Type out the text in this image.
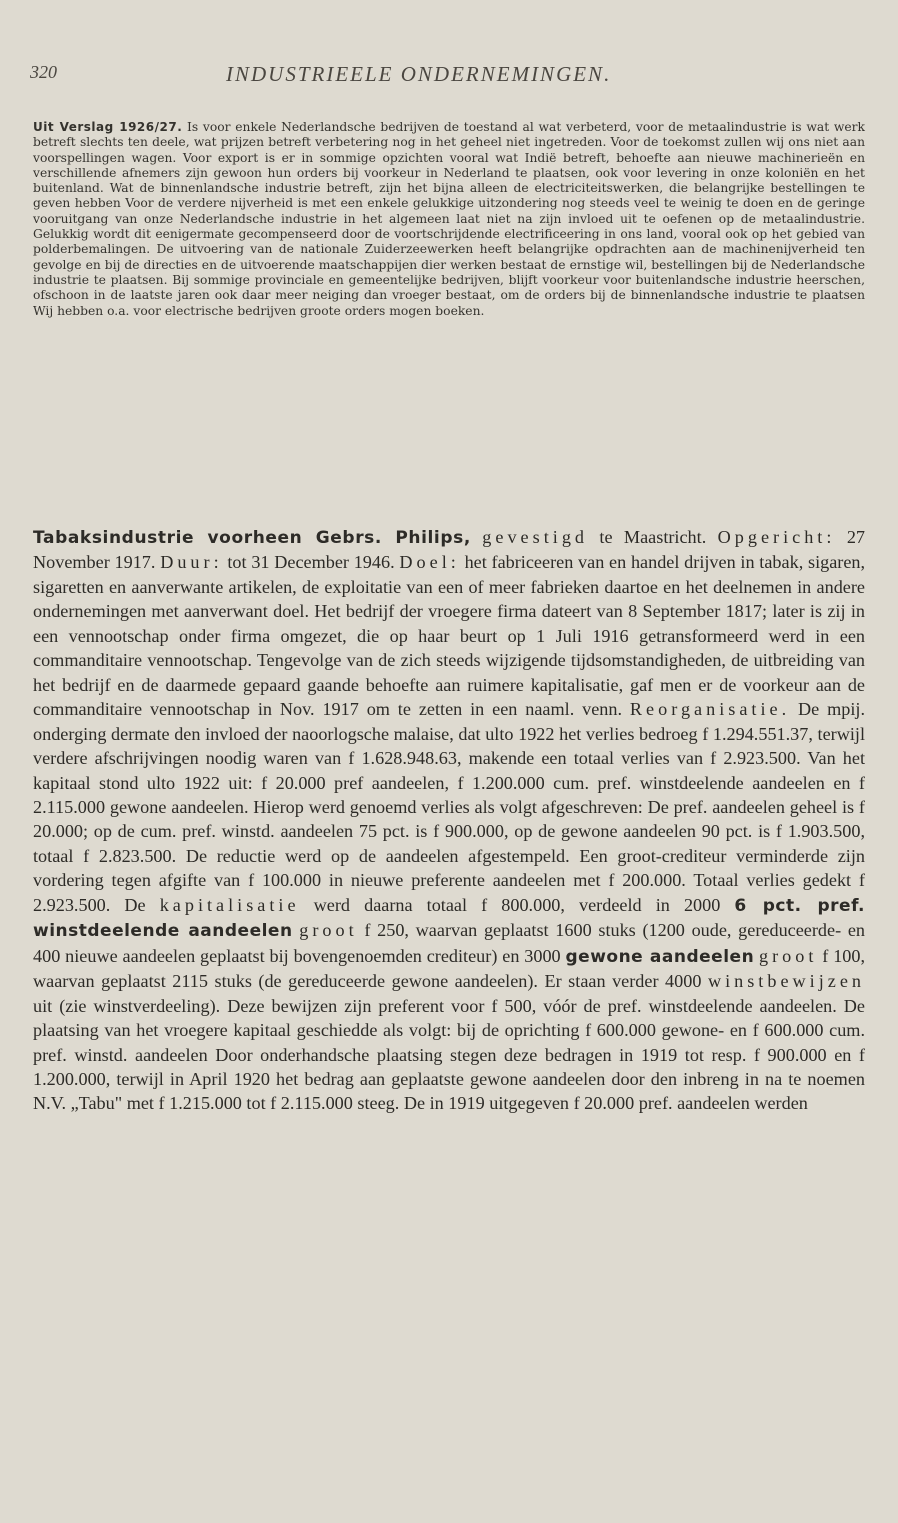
320	INDUSTRIEELE ONDERNEMINGEN.

Uit Verslag 1926/27. Is voor enkele Nederlandsche bedrijven de toestand al wat verbeterd, voor de metaalindustrie is wat werk betreft slechts ten deele, wat prijzen betreft verbetering nog in het geheel niet ingetreden. Voor de toekomst zullen wij ons niet aan voorspellingen wagen. Voor export is er in sommige opzichten vooral wat Indië betreft, behoefte aan nieuwe machinerieën en verschillende afnemers zijn gewoon hun orders bij voorkeur in Nederland te plaatsen, ook voor levering in onze koloniën en het buitenland. Wat de binnenlandsche industrie betreft, zijn het bijna alleen de electriciteitswerken, die belangrijke bestellingen te geven hebben Voor de verdere nijverheid is met een enkele gelukkige uitzondering nog steeds veel te weinig te doen en de geringe vooruitgang van onze Nederlandsche industrie in het algemeen laat niet na zijn invloed uit te oefenen op de metaalindustrie. Gelukkig wordt dit eenigermate gecompenseerd door de voortschrijdende electrificeering in ons land, vooral ook op het gebied van polderbemalingen. De uitvoering van de nationale Zuiderzeewerken heeft belangrijke opdrachten aan de machinenijverheid ten gevolge en bij de directies en de uitvoerende maatschappijen dier werken bestaat de ernstige wil, bestellingen bij de Nederlandsche industrie te plaatsen. Bij sommige provinciale en gemeentelijke bedrijven, blijft voorkeur voor buitenlandsche industrie heerschen, ofschoon in de laatste jaren ook daar meer neiging dan vroeger bestaat, om de orders bij de binnenlandsche industrie te plaatsen Wij hebben o.a. voor electrische bedrijven groote orders mogen boeken.

Tabaksindustrie voorheen Gebrs. Philips, gevestigd te Maastricht. Opgericht: 27 November 1917. Duur: tot 31 December 1946. Doel: het fabriceeren van en handel drijven in tabak, sigaren, sigaretten en aanverwante artikelen, de exploitatie van een of meer fabrieken daartoe en het deelnemen in andere ondernemingen met aanverwant doel. Het bedrijf der vroegere firma dateert van 8 September 1817; later is zij in een vennootschap onder firma omgezet, die op haar beurt op 1 Juli 1916 getransformeerd werd in een commanditaire vennootschap. Tengevolge van de zich steeds wijzigende tijdsomstandigheden, de uitbreiding van het bedrijf en de daarmede gepaard gaande behoefte aan ruimere kapitalisatie, gaf men er de voorkeur aan de commanditaire vennootschap in Nov. 1917 om te zetten in een naaml. venn. Reorganisatie. De mpij. onderging dermate den invloed der naoorlogsche malaise, dat ulto 1922 het verlies bedroeg f 1.294.551.37, terwijl verdere afschrijvingen noodig waren van f 1.628.948.63, makende een totaal verlies van f 2.923.500. Van het kapitaal stond ulto 1922 uit: f 20.000 pref aandeelen, f 1.200.000 cum. pref. winstdeelende aandeelen en f 2.115.000 gewone aandeelen. Hierop werd genoemd verlies als volgt afgeschreven: De pref. aandeelen geheel is f 20.000; op de cum. pref. winstd. aandeelen 75 pct. is f 900.000, op de gewone aandeelen 90 pct. is f 1.903.500, totaal f 2.823.500. De reductie werd op de aandeelen afgestempeld. Een groot-crediteur verminderde zijn vordering tegen afgifte van f 100.000 in nieuwe preferente aandeelen met f 200.000. Totaal verlies gedekt f 2.923.500. De kapitalisatie werd daarna totaal f 800.000, verdeeld in 2000 6 pct. pref. winstdeelende aandeelen groot f 250, waarvan geplaatst 1600 stuks (1200 oude, gereduceerde- en 400 nieuwe aandeelen geplaatst bij bovengenoemden crediteur) en 3000 gewone aandeelen groot f 100, waarvan geplaatst 2115 stuks (de gereduceerde gewone aandeelen). Er staan verder 4000 winstbewijzen uit (zie winstverdeeling). Deze bewijzen zijn preferent voor f 500, vóór de pref. winstdeelende aandeelen. De plaatsing van het vroegere kapitaal geschiedde als volgt: bij de oprichting f 600.000 gewone- en f 600.000 cum. pref. winstd. aandeelen Door onderhandsche plaatsing stegen deze bedragen in 1919 tot resp. f 900.000 en f 1.200.000, terwijl in April 1920 het bedrag aan geplaatste gewone aandeelen door den inbreng in na te noemen N.V. „Tabu" met f 1.215.000 tot f 2.115.000 steeg. De in 1919 uitgegeven f 20.000 pref. aandeelen werden
